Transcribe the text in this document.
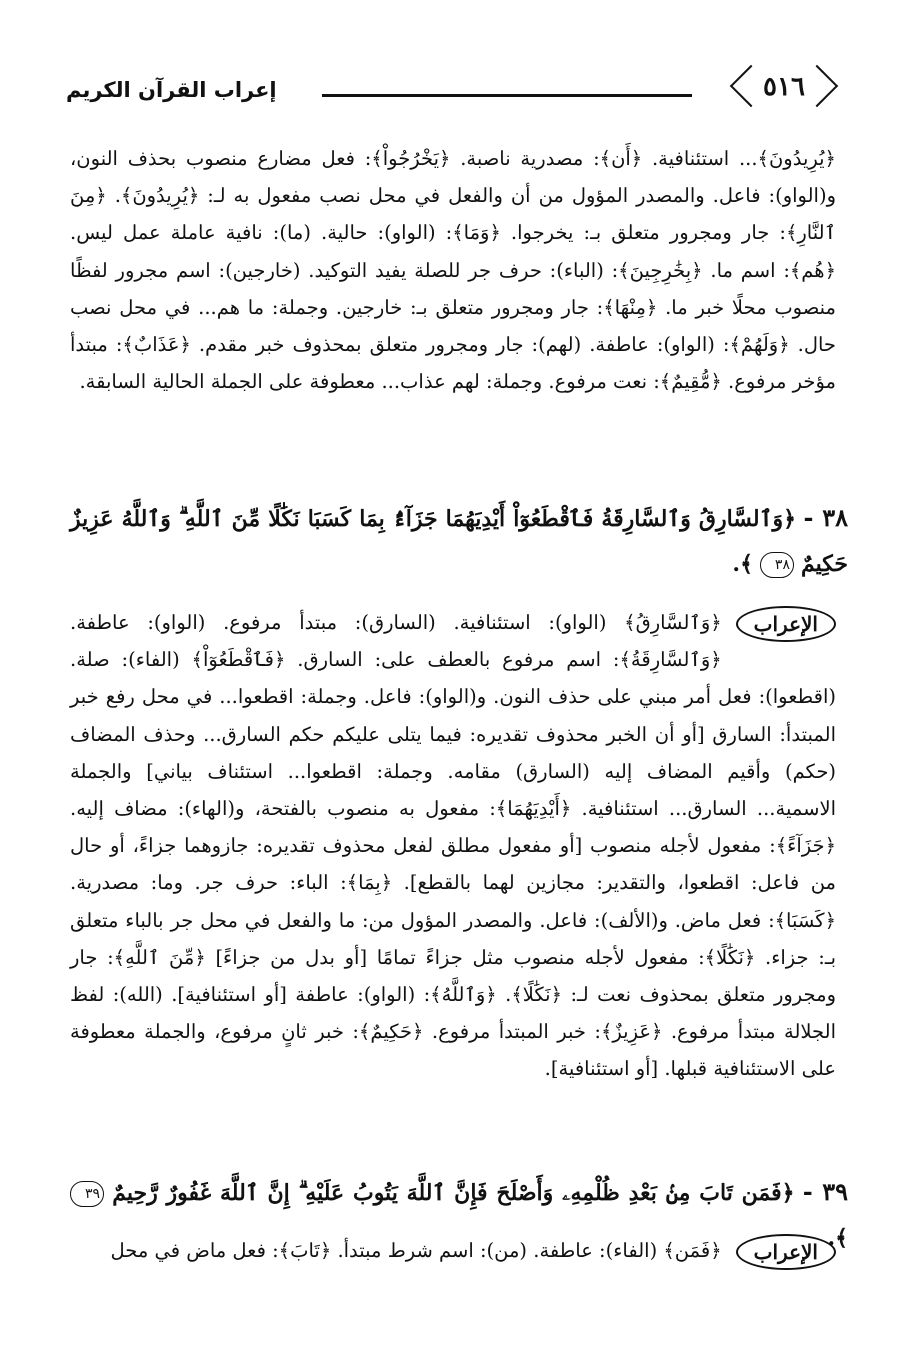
٥١٦
إعراب القرآن الكريم
﴿يُرِيدُونَ﴾... استئنافية. ﴿أَن﴾: مصدرية ناصبة. ﴿يَخْرُجُواْ﴾: فعل مضارع منصوب بحذف النون، و(الواو): فاعل. والمصدر المؤول من أن والفعل في محل نصب مفعول به لـ: ﴿يُرِيدُونَ﴾. ﴿مِنَ ٱلنَّارِ﴾: جار ومجرور متعلق بـ: يخرجوا. ﴿وَمَا﴾: (الواو): حالية. (ما): نافية عاملة عمل ليس. ﴿هُم﴾: اسم ما. ﴿بِخَٰرِجِينَ﴾: (الباء): حرف جر للصلة يفيد التوكيد. (خارجين): اسم مجرور لفظًا منصوب محلًا خبر ما. ﴿مِنْهَا﴾: جار ومجرور متعلق بـ: خارجين. وجملة: ما هم... في محل نصب حال. ﴿وَلَهُمْ﴾: (الواو): عاطفة. (لهم): جار ومجرور متعلق بمحذوف خبر مقدم. ﴿عَذَابٌ﴾: مبتدأ مؤخر مرفوع. ﴿مُّقِيمٌ﴾: نعت مرفوع. وجملة: لهم عذاب... معطوفة على الجملة الحالية السابقة.
٣٨ - ﴿وَٱلسَّارِقُ وَٱلسَّارِقَةُ فَٱقْطَعُوٓاْ أَيْدِيَهُمَا جَزَآءًۢ بِمَا كَسَبَا نَكَٰلًا مِّنَ ٱللَّهِ ۗ وَٱللَّهُ عَزِيزٌ حَكِيمٌ ٣٨ ﴾.
الإعراب
﴿وَٱلسَّارِقُ﴾ (الواو): استئنافية. (السارق): مبتدأ مرفوع. (الواو): عاطفة. ﴿وَٱلسَّارِقَةُ﴾: اسم مرفوع بالعطف على: السارق. ﴿فَٱقْطَعُوٓاْ﴾ (الفاء): صلة. (اقطعوا): فعل أمر مبني على حذف النون. و(الواو): فاعل. وجملة: اقطعوا... في محل رفع خبر المبتدأ: السارق [أو أن الخبر محذوف تقديره: فيما يتلى عليكم حكم السارق... وحذف المضاف (حكم) وأقيم المضاف إليه (السارق) مقامه. وجملة: اقطعوا... استئناف بياني] والجملة الاسمية... السارق... استئنافية. ﴿أَيْدِيَهُمَا﴾: مفعول به منصوب بالفتحة، و(الهاء): مضاف إليه. ﴿جَزَآءً﴾: مفعول لأجله منصوب [أو مفعول مطلق لفعل محذوف تقديره: جازوهما جزاءً، أو حال من فاعل: اقطعوا، والتقدير: مجازين لهما بالقطع]. ﴿بِمَا﴾: الباء: حرف جر. وما: مصدرية. ﴿كَسَبَا﴾: فعل ماض. و(الألف): فاعل. والمصدر المؤول من: ما والفعل في محل جر بالباء متعلق بـ: جزاء. ﴿نَكَٰلًا﴾: مفعول لأجله منصوب مثل جزاءً تمامًا [أو بدل من جزاءً] ﴿مِّنَ ٱللَّهِ﴾: جار ومجرور متعلق بمحذوف نعت لـ: ﴿نَكَٰلًا﴾. ﴿وَٱللَّهُ﴾: (الواو): عاطفة [أو استئنافية]. (الله): لفظ الجلالة مبتدأ مرفوع. ﴿عَزِيزٌ﴾: خبر المبتدأ مرفوع. ﴿حَكِيمٌ﴾: خبر ثانٍ مرفوع، والجملة معطوفة على الاستئنافية قبلها. [أو استئنافية].
٣٩ - ﴿فَمَن تَابَ مِنۢ بَعْدِ ظُلْمِهِۦ وَأَصْلَحَ فَإِنَّ ٱللَّهَ يَتُوبُ عَلَيْهِ ۗ إِنَّ ٱللَّهَ غَفُورٌ رَّحِيمٌ ٣٩ ﴾.
الإعراب
﴿فَمَن﴾ (الفاء): عاطفة. (من): اسم شرط مبتدأ. ﴿تَابَ﴾: فعل ماض في محل
